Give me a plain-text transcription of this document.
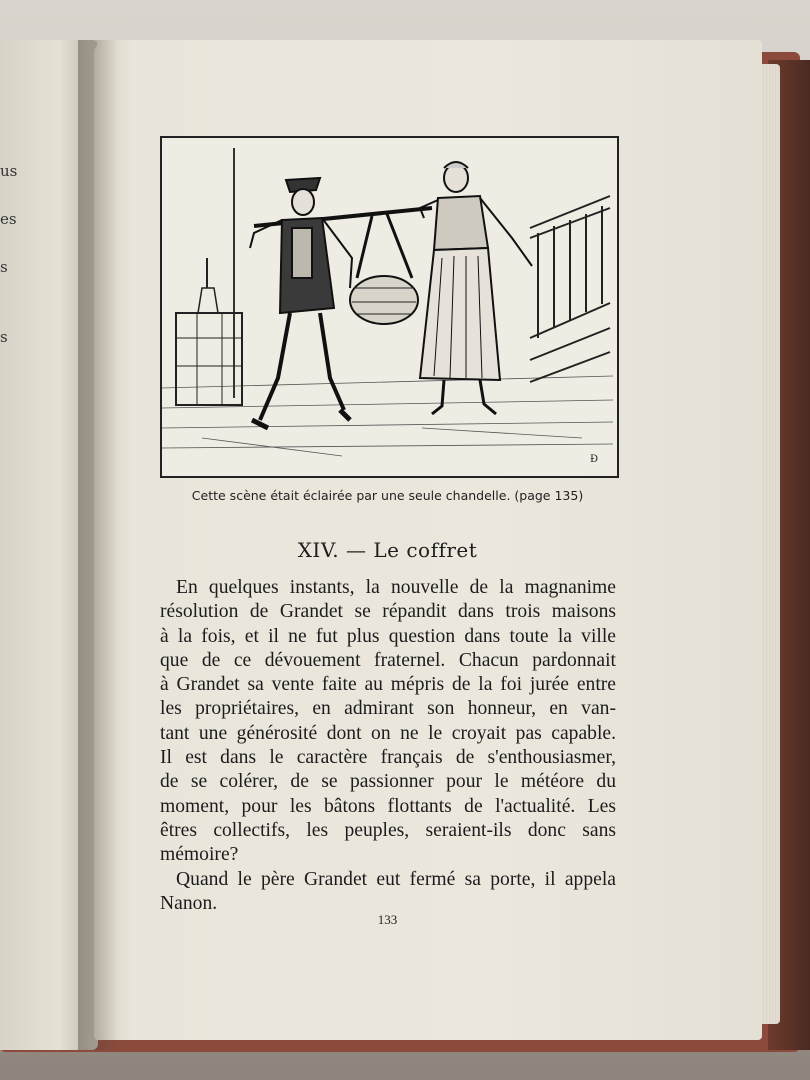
us
es
s
s
Ð
Cette scène était éclairée par une seule chandelle. (page 135)
XIV. — Le coffret
En quelques instants, la nouvelle de la magnanime
résolution de Grandet se répandit dans trois maisons
à la fois, et il ne fut plus question dans toute la ville
que de ce dévouement fraternel. Chacun pardonnait
à Grandet sa vente faite au mépris de la foi jurée entre
les propriétaires, en admirant son honneur, en van-
tant une générosité dont on ne le croyait pas capable.
Il est dans le caractère français de s'enthousiasmer,
de se colérer, de se passionner pour le météore du
moment, pour les bâtons flottants de l'actualité. Les
êtres collectifs, les peuples, seraient-ils donc sans
mémoire?
Quand le père Grandet eut fermé sa porte, il appela
Nanon.
133
